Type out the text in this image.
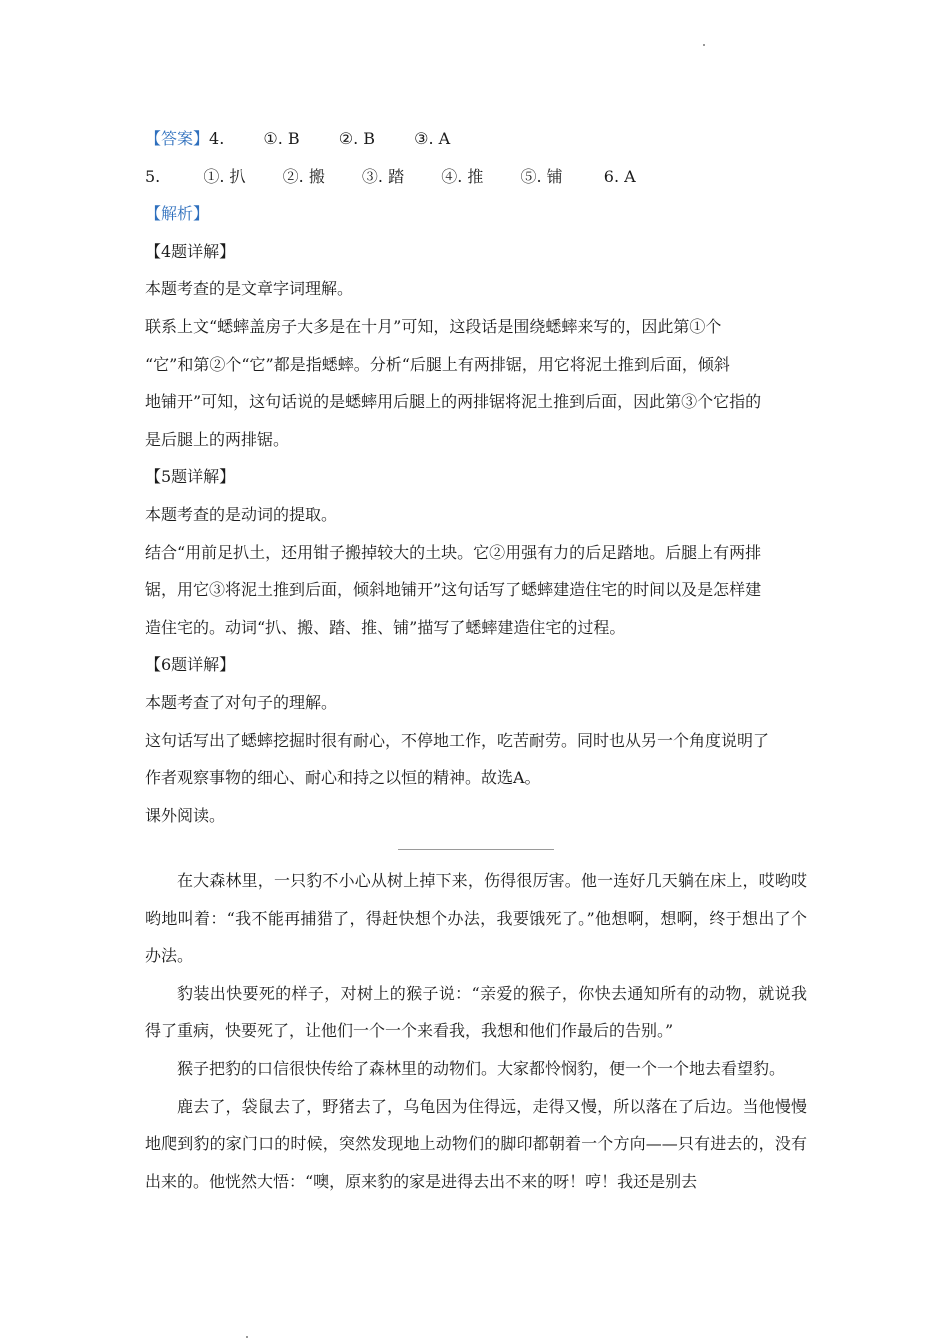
【答案】4. ①. B ②. B ③. A
5.	①. 扒 ②. 搬 ③. 踏 ④. 推 ⑤. 铺	6. A
【解析】
【4题详解】
本题考查的是文章字词理解。
联系上文“蟋蟀盖房子大多是在十月”可知，这段话是围绕蟋蟀来写的，因此第①个
“它”和第②个“它”都是指蟋蟀。分析“后腿上有两排锯，用它将泥土推到后面，倾斜
地铺开”可知，这句话说的是蟋蟀用后腿上的两排锯将泥土推到后面，因此第③个它指的
是后腿上的两排锯。
【5题详解】
本题考查的是动词的提取。
结合“用前足扒土，还用钳子搬掉较大的土块。它②用强有力的后足踏地。后腿上有两排
锯，用它③将泥土推到后面，倾斜地铺开”这句话写了蟋蟀建造住宅的时间以及是怎样建
造住宅的。动词“扒、搬、踏、推、铺”描写了蟋蟀建造住宅的过程。
【6题详解】
本题考查了对句子的理解。
这句话写出了蟋蟀挖掘时很有耐心，不停地工作，吃苦耐劳。同时也从另一个角度说明了
作者观察事物的细心、耐心和持之以恒的精神。故选A。
课外阅读。

在大森林里，一只豹不小心从树上掉下来，伤得很厉害。他一连好几天躺在床上，哎哟哎哟地叫着：“我不能再捕猎了，得赶快想个办法，我要饿死了。”他想啊，想啊，终于想出了个办法。

豹装出快要死的样子，对树上的猴子说：“亲爱的猴子，你快去通知所有的动物，就说我得了重病，快要死了，让他们一个一个来看我，我想和他们作最后的告别。”

猴子把豹的口信很快传给了森林里的动物们。大家都怜悯豹，便一个一个地去看望豹。

鹿去了，袋鼠去了，野猪去了，乌龟因为住得远，走得又慢，所以落在了后边。当他慢慢地爬到豹的家门口的时候，突然发现地上动物们的脚印都朝着一个方向——只有进去的，没有出来的。他恍然大悟：“噢，原来豹的家是进得去出不来的呀！哼！我还是别去
